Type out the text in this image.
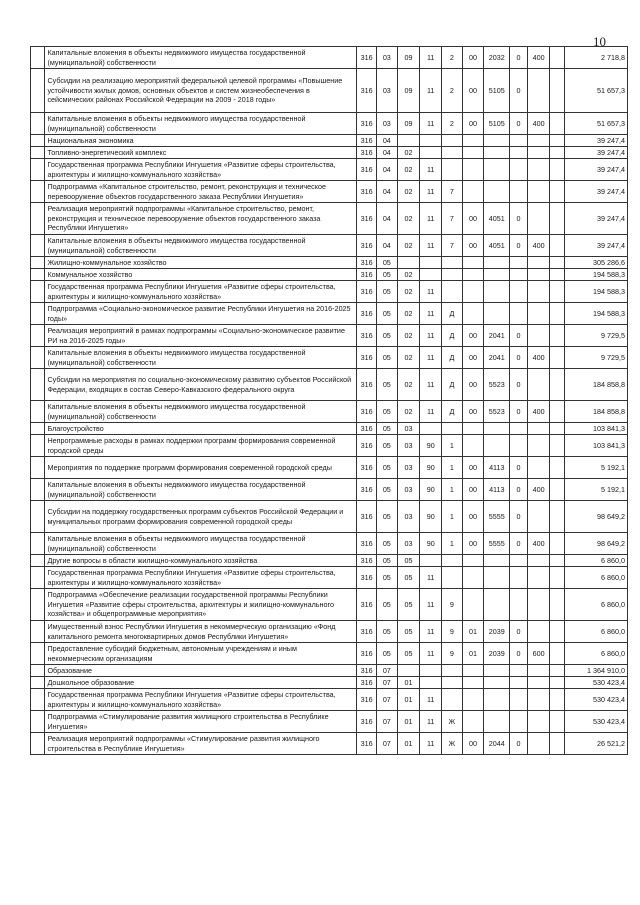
10
	Капитальные вложения в объекты недвижимого имущества государственной (муниципальной) собственности	316	03	09	11	2	00	2032	0	400		2 718,8
	Субсидии на реализацию мероприятий федеральной целевой программы «Повышение устойчивости жилых домов, основных объектов и систем жизнеобеспечения в сейсмических районах Российской Федерации на 2009 - 2018 годы»	316	03	09	11	2	00	5105	0			51 657,3
	Капитальные вложения в объекты недвижимого имущества государственной (муниципальной) собственности	316	03	09	11	2	00	5105	0	400		51 657,3
	Национальная экономика	316	04									39 247,4
	Топливно-энергетический комплекс	316	04	02								39 247,4
	Государственная программа Республики Ингушетия «Развитие сферы строительства, архитектуры и жилищно-коммунального хозяйства»	316	04	02	11							39 247,4
	Подпрограмма «Капитальное строительство, ремонт, реконструкция и техническое перевооружение объектов государственного заказа Республики Ингушетия»	316	04	02	11	7						39 247,4
	Реализация мероприятий подпрограммы «Капитальное строительство, ремонт, реконструкция и техническое перевооружение объектов государственного заказа Республики Ингушетия»	316	04	02	11	7	00	4051	0			39 247,4
	Капитальные вложения в объекты недвижимого имущества государственной (муниципальной) собственности	316	04	02	11	7	00	4051	0	400		39 247,4
	Жилищно-коммунальное хозяйство	316	05									305 286,6
	Коммунальное хозяйство	316	05	02								194 588,3
	Государственная программа Республики Ингушетия «Развитие сферы строительства, архитектуры и жилищно-коммунального хозяйства»	316	05	02	11							194 588,3
	Подпрограмма «Социально-экономическое развитие Республики Ингушетия на 2016-2025 годы»	316	05	02	11	Д						194 588,3
	Реализация мероприятий в рамках подпрограммы «Социально-экономическое развитие РИ на 2016-2025 годы»	316	05	02	11	Д	00	2041	0			9 729,5
	Капитальные вложения в объекты недвижимого имущества государственной (муниципальной) собственности	316	05	02	11	Д	00	2041	0	400		9 729,5
	Субсидии на мероприятия по социально-экономическому развитию субъектов Российской Федерации, входящих в состав Северо-Кавказского федерального округа	316	05	02	11	Д	00	5523	0			184 858,8
	Капитальные вложения в объекты недвижимого имущества государственной (муниципальной) собственности	316	05	02	11	Д	00	5523	0	400		184 858,8
	Благоустройство	316	05	03								103 841,3
	Непрограммные расходы в рамках поддержки программ формирования современной городской среды	316	05	03	90	1						103 841,3
	Мероприятия по поддержке программ формирования современной городской среды	316	05	03	90	1	00	4113	0			5 192,1
	Капитальные вложения в объекты недвижимого имущества государственной (муниципальной) собственности	316	05	03	90	1	00	4113	0	400		5 192,1
	Субсидии на поддержку государственных программ субъектов Российской Федерации и муниципальных программ формирования современной городской среды	316	05	03	90	1	00	5555	0			98 649,2
	Капитальные вложения в объекты недвижимого имущества государственной (муниципальной) собственности	316	05	03	90	1	00	5555	0	400		98 649,2
	Другие вопросы в области жилищно-коммунального хозяйства	316	05	05								6 860,0
	Государственная программа Республики Ингушетия «Развитие сферы строительства, архитектуры и жилищно-коммунального хозяйства»	316	05	05	11							6 860,0
	Подпрограмма «Обеспечение реализации государственной программы Республики Ингушетия «Развитие сферы строительства, архитектуры и жилищно-коммунального хозяйства» и общепрограммные мероприятия»	316	05	05	11	9						6 860,0
	Имущественный взнос Республики Ингушетия в некоммерческую организацию «Фонд капитального ремонта многоквартирных домов Республики Ингушетия»	316	05	05	11	9	01	2039	0			6 860,0
	Предоставление субсидий бюджетным, автономным учреждениям и иным некоммерческим организациям	316	05	05	11	9	01	2039	0	600		6 860,0
	Образование	316	07									1 364 910,0
	Дошкольное образование	316	07	01								530 423,4
	Государственная программа Республики Ингушетия «Развитие сферы строительства, архитектуры и жилищно-коммунального хозяйства»	316	07	01	11							530 423,4
	Подпрограмма «Стимулирование развития жилищного строительства в Республике Ингушетия»	316	07	01	11	Ж						530 423,4
	Реализация мероприятий подпрограммы «Стимулирование развития жилищного строительства в Республике Ингушетия»	316	07	01	11	Ж	00	2044	0			26 521,2
